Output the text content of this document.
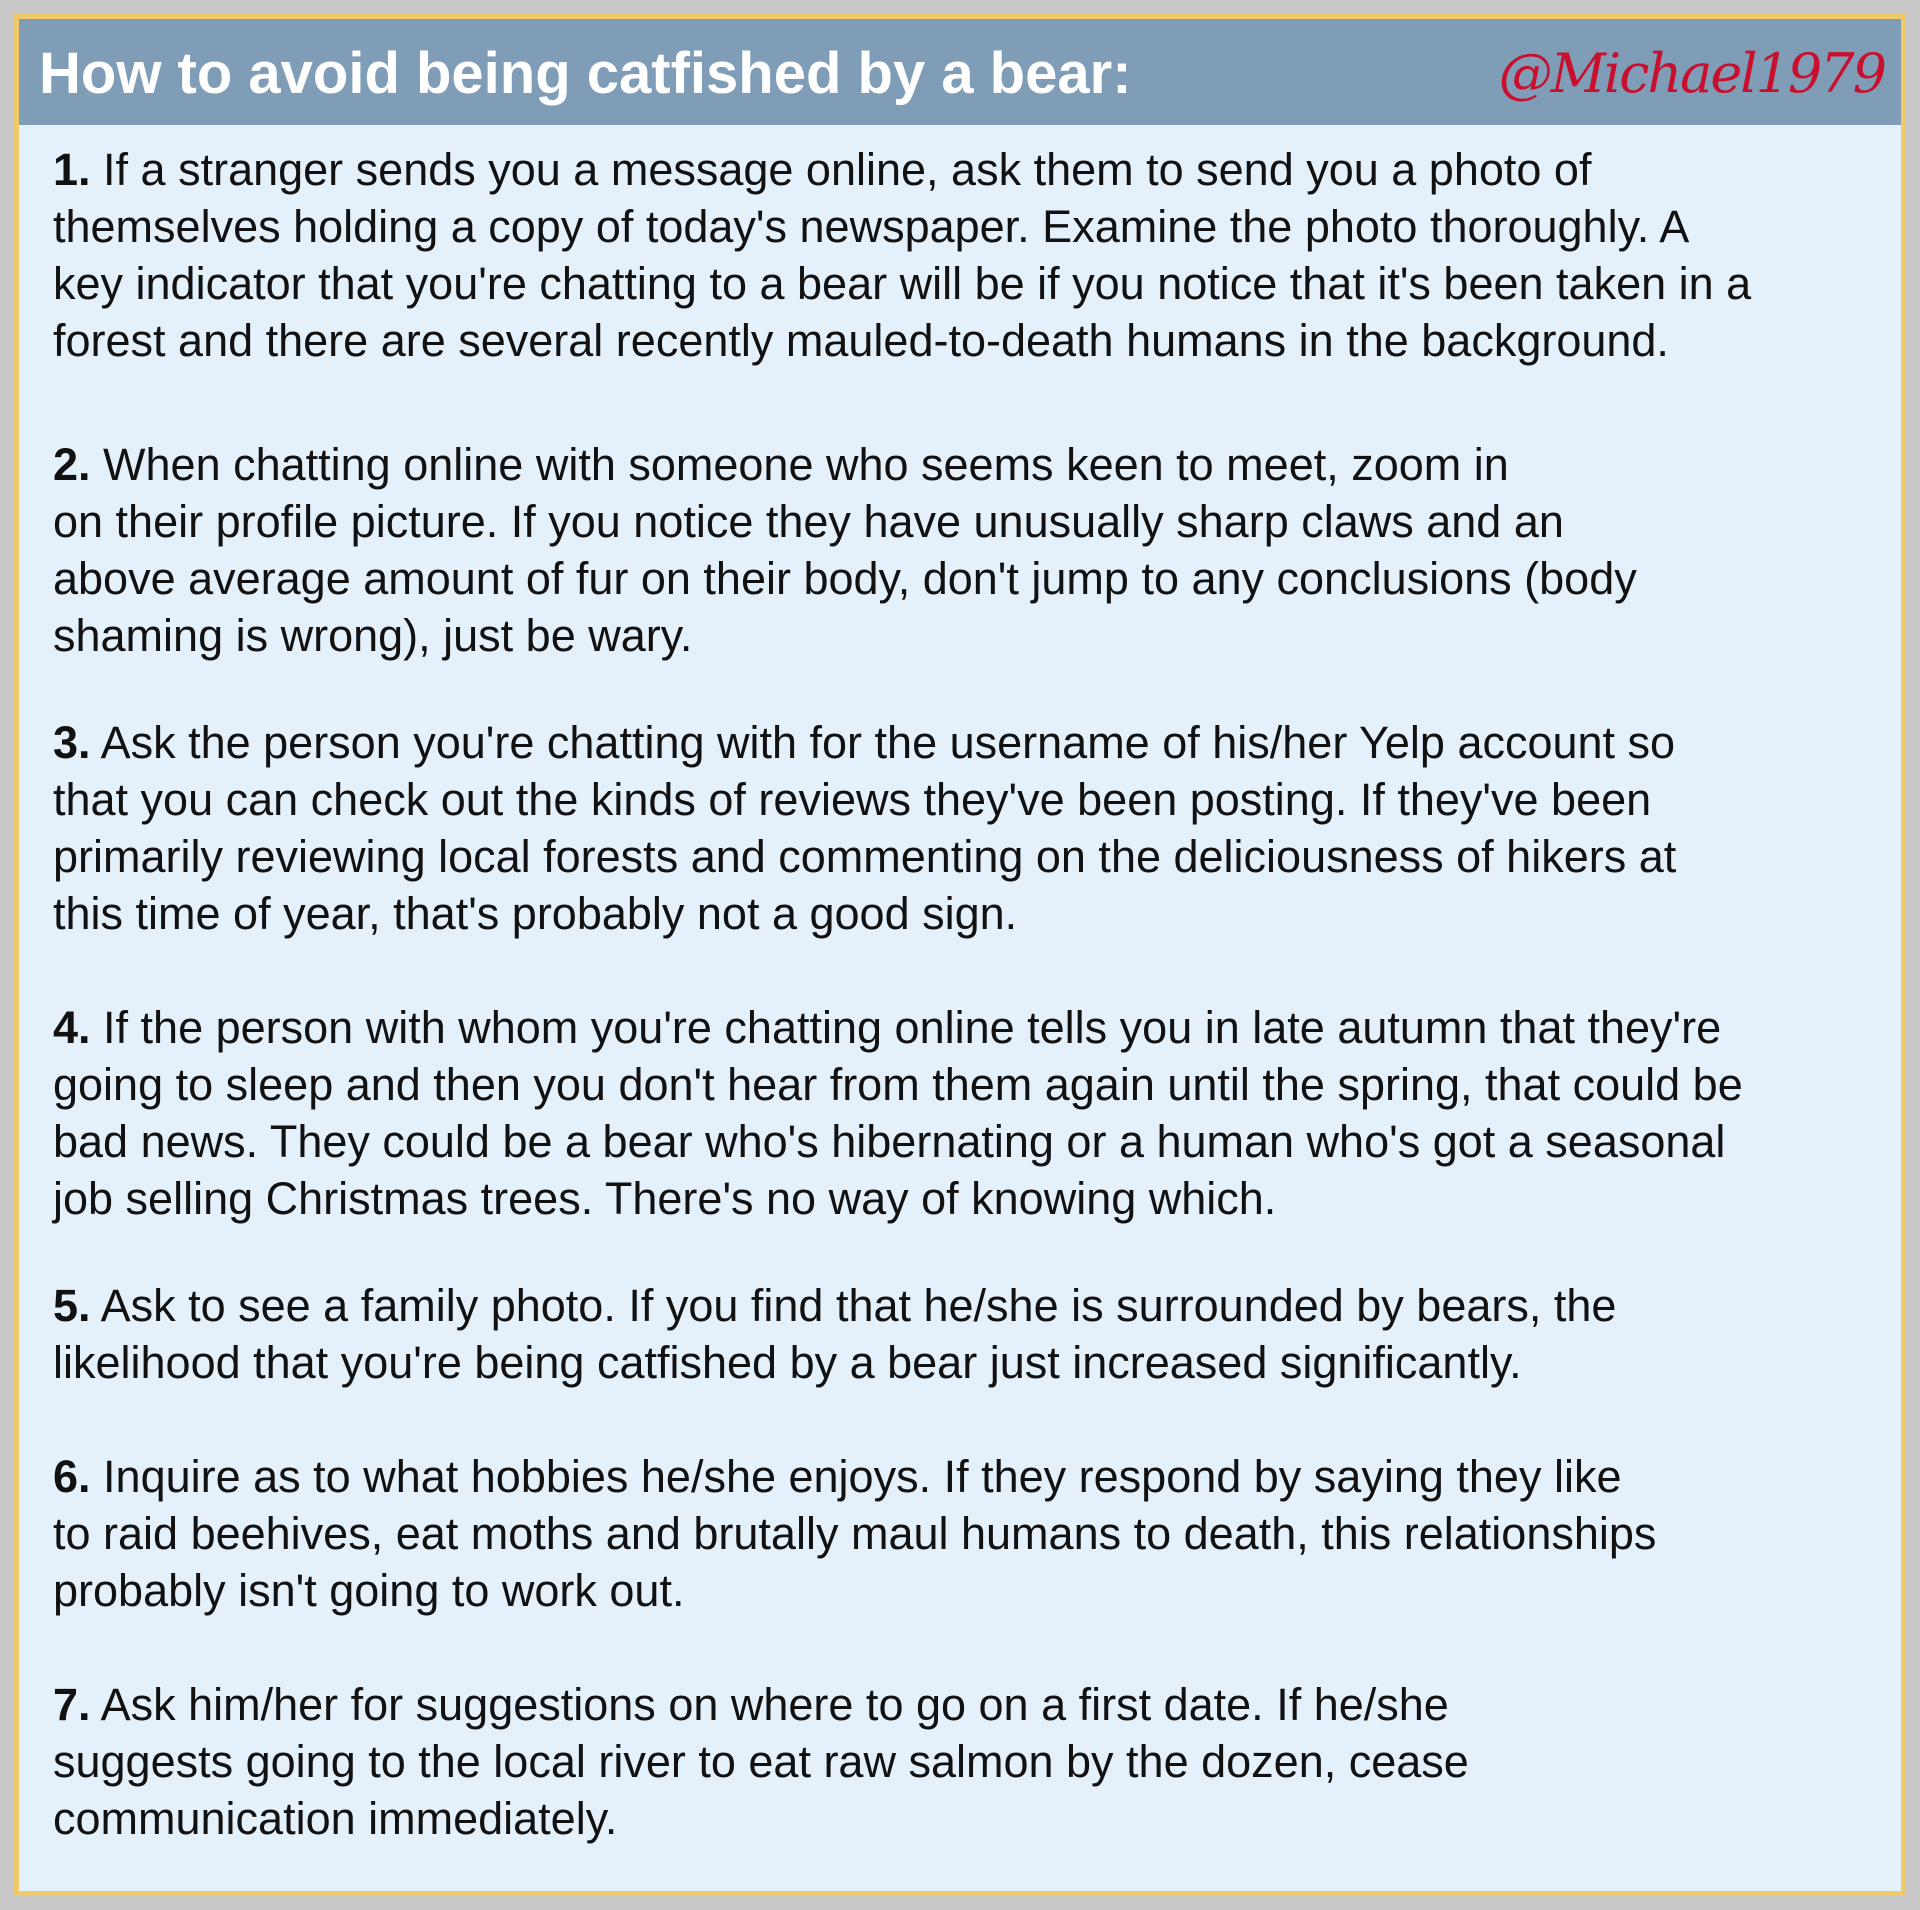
How to avoid being catfished by a bear:	@Michael1979
1. If a stranger sends you a message online, ask them to send you a photo of
themselves holding a copy of today's newspaper. Examine the photo thoroughly. A
key indicator that you're chatting to a bear will be if you notice that it's been taken in a
forest and there are several recently mauled-to-death humans in the background.
2. When chatting online with someone who seems keen to meet, zoom in
on their profile picture. If you notice they have unusually sharp claws and an
above average amount of fur on their body, don't jump to any conclusions (body
shaming is wrong), just be wary.
3. Ask the person you're chatting with for the username of his/her Yelp account so
that you can check out the kinds of reviews they've been posting. If they've been
primarily reviewing local forests and commenting on the deliciousness of hikers at
this time of year, that's probably not a good sign.
4. If the person with whom you're chatting online tells you in late autumn that they're
going to sleep and then you don't hear from them again until the spring, that could be
bad news. They could be a bear who's hibernating or a human who's got a seasonal
job selling Christmas trees. There's no way of knowing which.
5. Ask to see a family photo. If you find that he/she is surrounded by bears, the
likelihood that you're being catfished by a bear just increased significantly.
6. Inquire as to what hobbies he/she enjoys. If they respond by saying they like
to raid beehives, eat moths and brutally maul humans to death, this relationships
probably isn't going to work out.
7. Ask him/her for suggestions on where to go on a first date. If he/she
suggests going to the local river to eat raw salmon by the dozen, cease
communication immediately.
